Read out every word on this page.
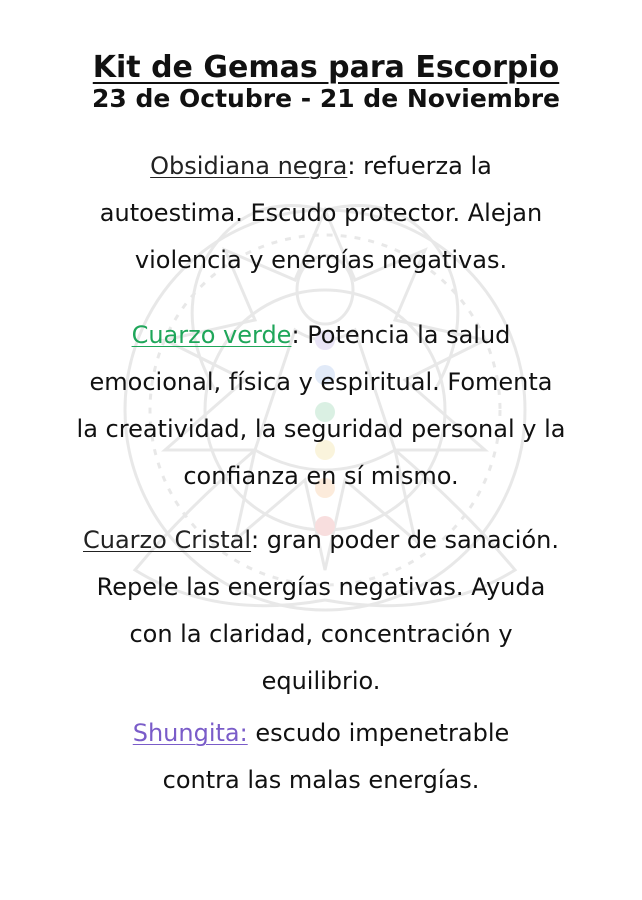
Kit de Gemas para Escorpio
23 de Octubre - 21 de Noviembre

Obsidiana negra: refuerza la
autoestima. Escudo protector. Alejan
violencia y energías negativas.

Cuarzo verde: Potencia la salud
emocional, física y espiritual. Fomenta
la creatividad, la seguridad personal y la
confianza en sí mismo.

Cuarzo Cristal: gran poder de sanación.
Repele las energías negativas. Ayuda
con la claridad, concentración y
equilibrio.

Shungita: escudo impenetrable
contra las malas energías.
